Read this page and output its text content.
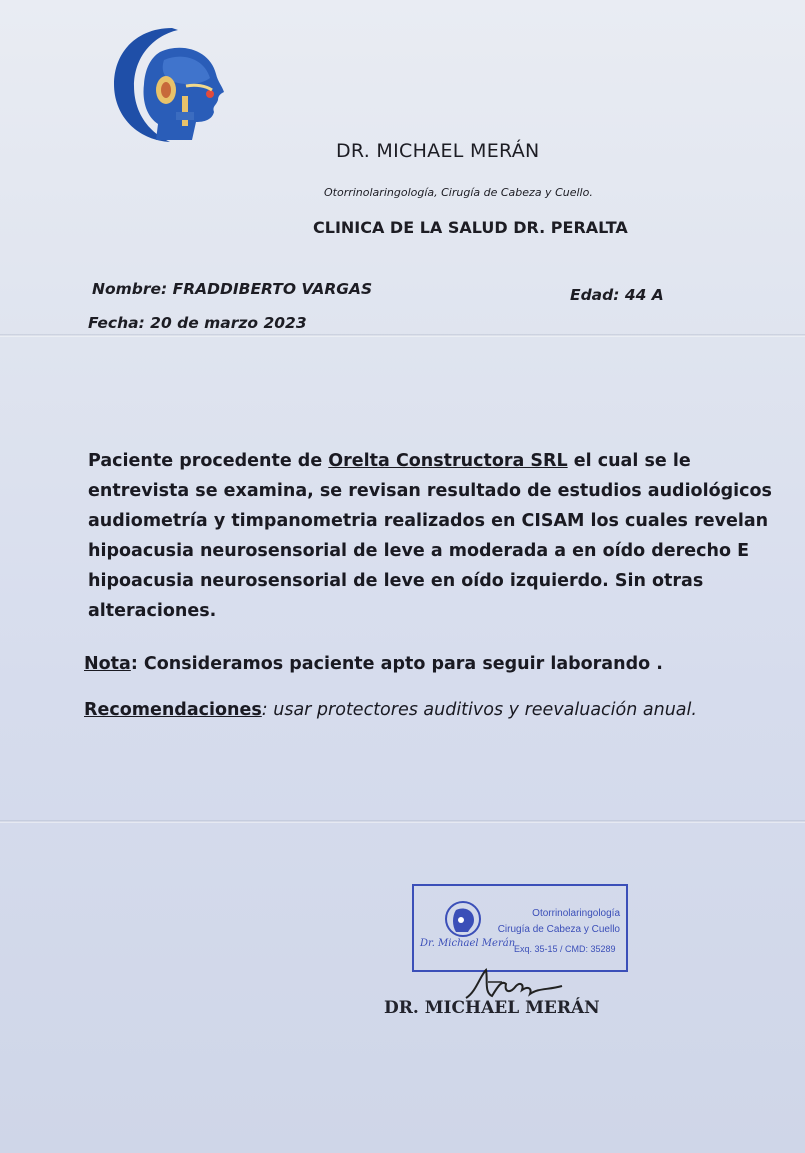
DR. MICHAEL MERÁN
Otorrinolaringología, Cirugía de Cabeza y Cuello.
CLINICA DE LA SALUD DR. PERALTA
Nombre: FRADDIBERTO VARGAS	Edad: 44 A
Fecha: 20 de marzo 2023
Paciente procedente de Orelta Constructora SRL el cual se le entrevista se examina, se revisan resultado de estudios audiológicos audiometría y timpanometria realizados en CISAM los cuales revelan hipoacusia neurosensorial de leve a moderada a en oído derecho E hipoacusia neurosensorial de leve en oído izquierdo. Sin otras alteraciones.
Nota: Consideramos paciente apto para seguir laborando .
Recomendaciones: usar protectores auditivos y reevaluación anual.
Otorrinolaringología
Cirugía de Cabeza y Cuello
Dr. Michael Merán
Exq. 35-15 / CMD: 35289
DR. MICHAEL MERÁN
